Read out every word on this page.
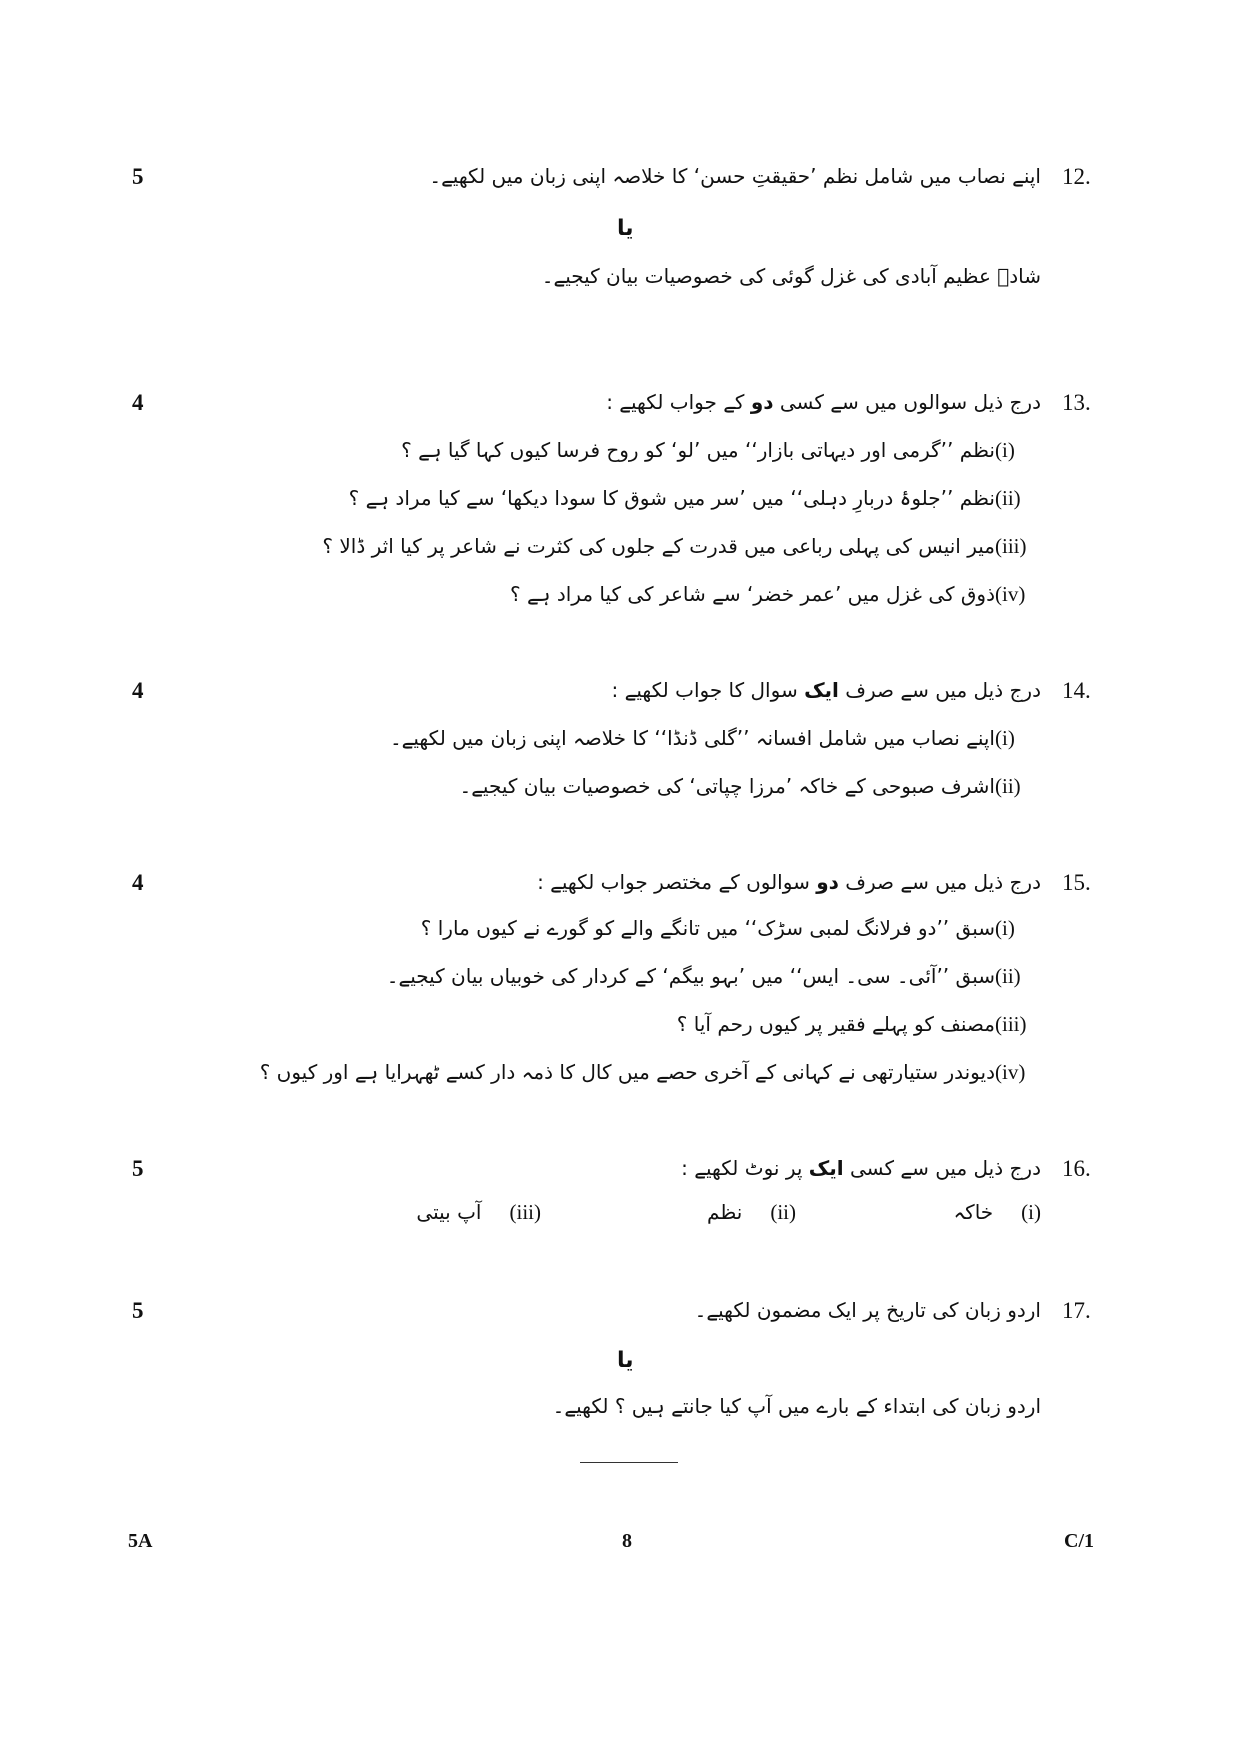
12.
اپنے نصاب میں شامل نظم ’حقیقتِ حسن‘ کا خلاصہ اپنی زبان میں لکھیے۔
5
یا
شادؔ عظیم آبادی کی غزل گوئی کی خصوصیات بیان کیجیے۔
13.
درج ذیل سوالوں میں سے کسی دو کے جواب لکھیے :
4
(i)نظم ’’گرمی اور دیہاتی بازار‘‘ میں ’لو‘ کو روح فرسا کیوں کہا گیا ہے ؟
(ii)نظم ’’جلوۂ دربارِ دہلی‘‘ میں ’سر میں شوق کا سودا دیکھا‘ سے کیا مراد ہے ؟
(iii)میر انیس کی پہلی رباعی میں قدرت کے جلوں کی کثرت نے شاعر پر کیا اثر ڈالا ؟
(iv)ذوق کی غزل میں ’عمر خضر‘ سے شاعر کی کیا مراد ہے ؟
14.
درج ذیل میں سے صرف ایک سوال کا جواب لکھیے :
4
(i)اپنے نصاب میں شامل افسانہ ’’گلی ڈنڈا‘‘ کا خلاصہ اپنی زبان میں لکھیے۔
(ii)اشرف صبوحی کے خاکہ ’مرزا چپاتی‘ کی خصوصیات بیان کیجیے۔
15.
درج ذیل میں سے صرف دو سوالوں کے مختصر جواب لکھیے :
4
(i)سبق ’’دو فرلانگ لمبی سڑک‘‘ میں تانگے والے کو گورے نے کیوں مارا ؟
(ii)سبق ’’آئی۔ سی۔ ایس‘‘ میں ’بہو بیگم‘ کے کردار کی خوبیاں بیان کیجیے۔
(iii)مصنف کو پہلے فقیر پر کیوں رحم آیا ؟
(iv)دیوندر ستیارتھی نے کہانی کے آخری حصے میں کال کا ذمہ دار کسے ٹھہرایا ہے اور کیوں ؟
16.
درج ذیل میں سے کسی ایک پر نوٹ لکھیے :
5
(i)خاکہ
(ii)نظم
(iii)آپ بیتی
17.
اردو زبان کی تاریخ پر ایک مضمون لکھیے۔
5
یا
اردو زبان کی ابتداء کے بارے میں آپ کیا جانتے ہیں ؟ لکھیے۔
5A	8	C/1
